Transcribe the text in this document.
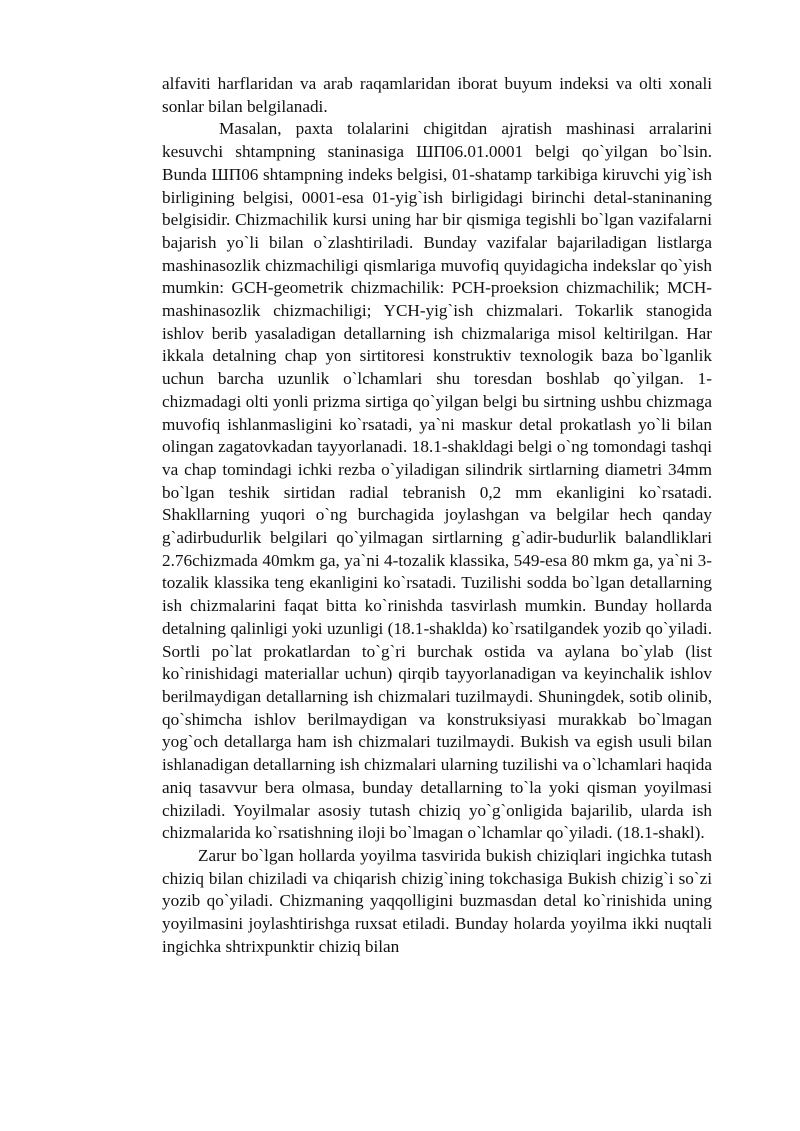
alfaviti harflaridan va arab raqamlaridan iborat buyum indeksi va olti xonali sonlar bilan belgilanadi.

Masalan, paxta tolalarini chigitdan ajratish mashinasi arralarini kesuvchi shtampning staninasiga ШП06.01.0001 belgi qo`yilgan bo`lsin. Bunda ШП06 shtampning indeks belgisi, 01-shatamp tarkibiga kiruvchi yig`ish birligining belgisi, 0001-esa 01-yig`ish birligidagi birinchi detal-staninaning belgisidir. Chizmachilik kursi uning har bir qismiga tegishli bo`lgan vazifalarni bajarish yo`li bilan o`zlashtiriladi. Bunday vazifalar bajariladigan listlarga mashinasozlik chizmachiligi qismlariga muvofiq quyidagicha indekslar qo`yish mumkin: GCH-geometrik chizmachilik: PCH-proeksion chizmachilik; MCH-mashinasozlik chizmachiligi; YCH-yig`ish chizmalari. Tokarlik stanogida ishlov berib yasaladigan detallarning ish chizmalariga misol keltirilgan. Har ikkala detalning chap yon sirtitoresi konstruktiv texnologik baza bo`lganlik uchun barcha uzunlik o`lchamlari shu toresdan boshlab qo`yilgan. 1-chizmadagi olti yonli prizma sirtiga qo`yilgan belgi bu sirtning ushbu chizmaga muvofiq ishlanmasligini ko`rsatadi, ya`ni maskur detal prokatlash yo`li bilan olingan zagatovkadan tayyorlanadi. 18.1-shakldagi belgi o`ng tomondagi tashqi va chap tomindagi ichki rezba o`yiladigan silindrik sirtlarning diametri 34mm bo`lgan teshik sirtidan radial tebranish 0,2 mm ekanligini ko`rsatadi. Shakllarning yuqori o`ng burchagida joylashgan va belgilar hech qanday g`adirbudurlik belgilari qo`yilmagan sirtlarning g`adir-budurlik balandliklari 2.76chizmada 40mkm ga, ya`ni 4-tozalik klassika, 549-esa 80 mkm ga, ya`ni 3-tozalik klassika teng ekanligini ko`rsatadi. Tuzilishi sodda bo`lgan detallarning ish chizmalarini faqat bitta ko`rinishda tasvirlash mumkin. Bunday hollarda detalning qalinligi yoki uzunligi (18.1-shaklda) ko`rsatilgandek yozib qo`yiladi. Sortli po`lat prokatlardan to`g`ri burchak ostida va aylana bo`ylab (list ko`rinishidagi materiallar uchun) qirqib tayyorlanadigan va keyinchalik ishlov berilmaydigan detallarning ish chizmalari tuzilmaydi. Shuningdek, sotib olinib, qo`shimcha ishlov berilmaydigan va konstruksiyasi murakkab bo`lmagan yog`och detallarga ham ish chizmalari tuzilmaydi. Bukish va egish usuli bilan ishlanadigan detallarning ish chizmalari ularning tuzilishi va o`lchamlari haqida aniq tasavvur bera olmasa, bunday detallarning to`la yoki qisman yoyilmasi chiziladi. Yoyilmalar asosiy tutash chiziq yo`g`onligida bajarilib, ularda ish chizmalarida ko`rsatishning iloji bo`lmagan o`lchamlar qo`yiladi. (18.1-shakl).

Zarur bo`lgan hollarda yoyilma tasvirida bukish chiziqlari ingichka tutash chiziq bilan chiziladi va chiqarish chizig`ining tokchasiga Bukish chizig`i so`zi yozib qo`yiladi. Chizmaning yaqqolligini buzmasdan detal ko`rinishida uning yoyilmasini joylashtirishga ruxsat etiladi. Bunday holarda yoyilma ikki nuqtali ingichka shtrixpunktir chiziq bilan
